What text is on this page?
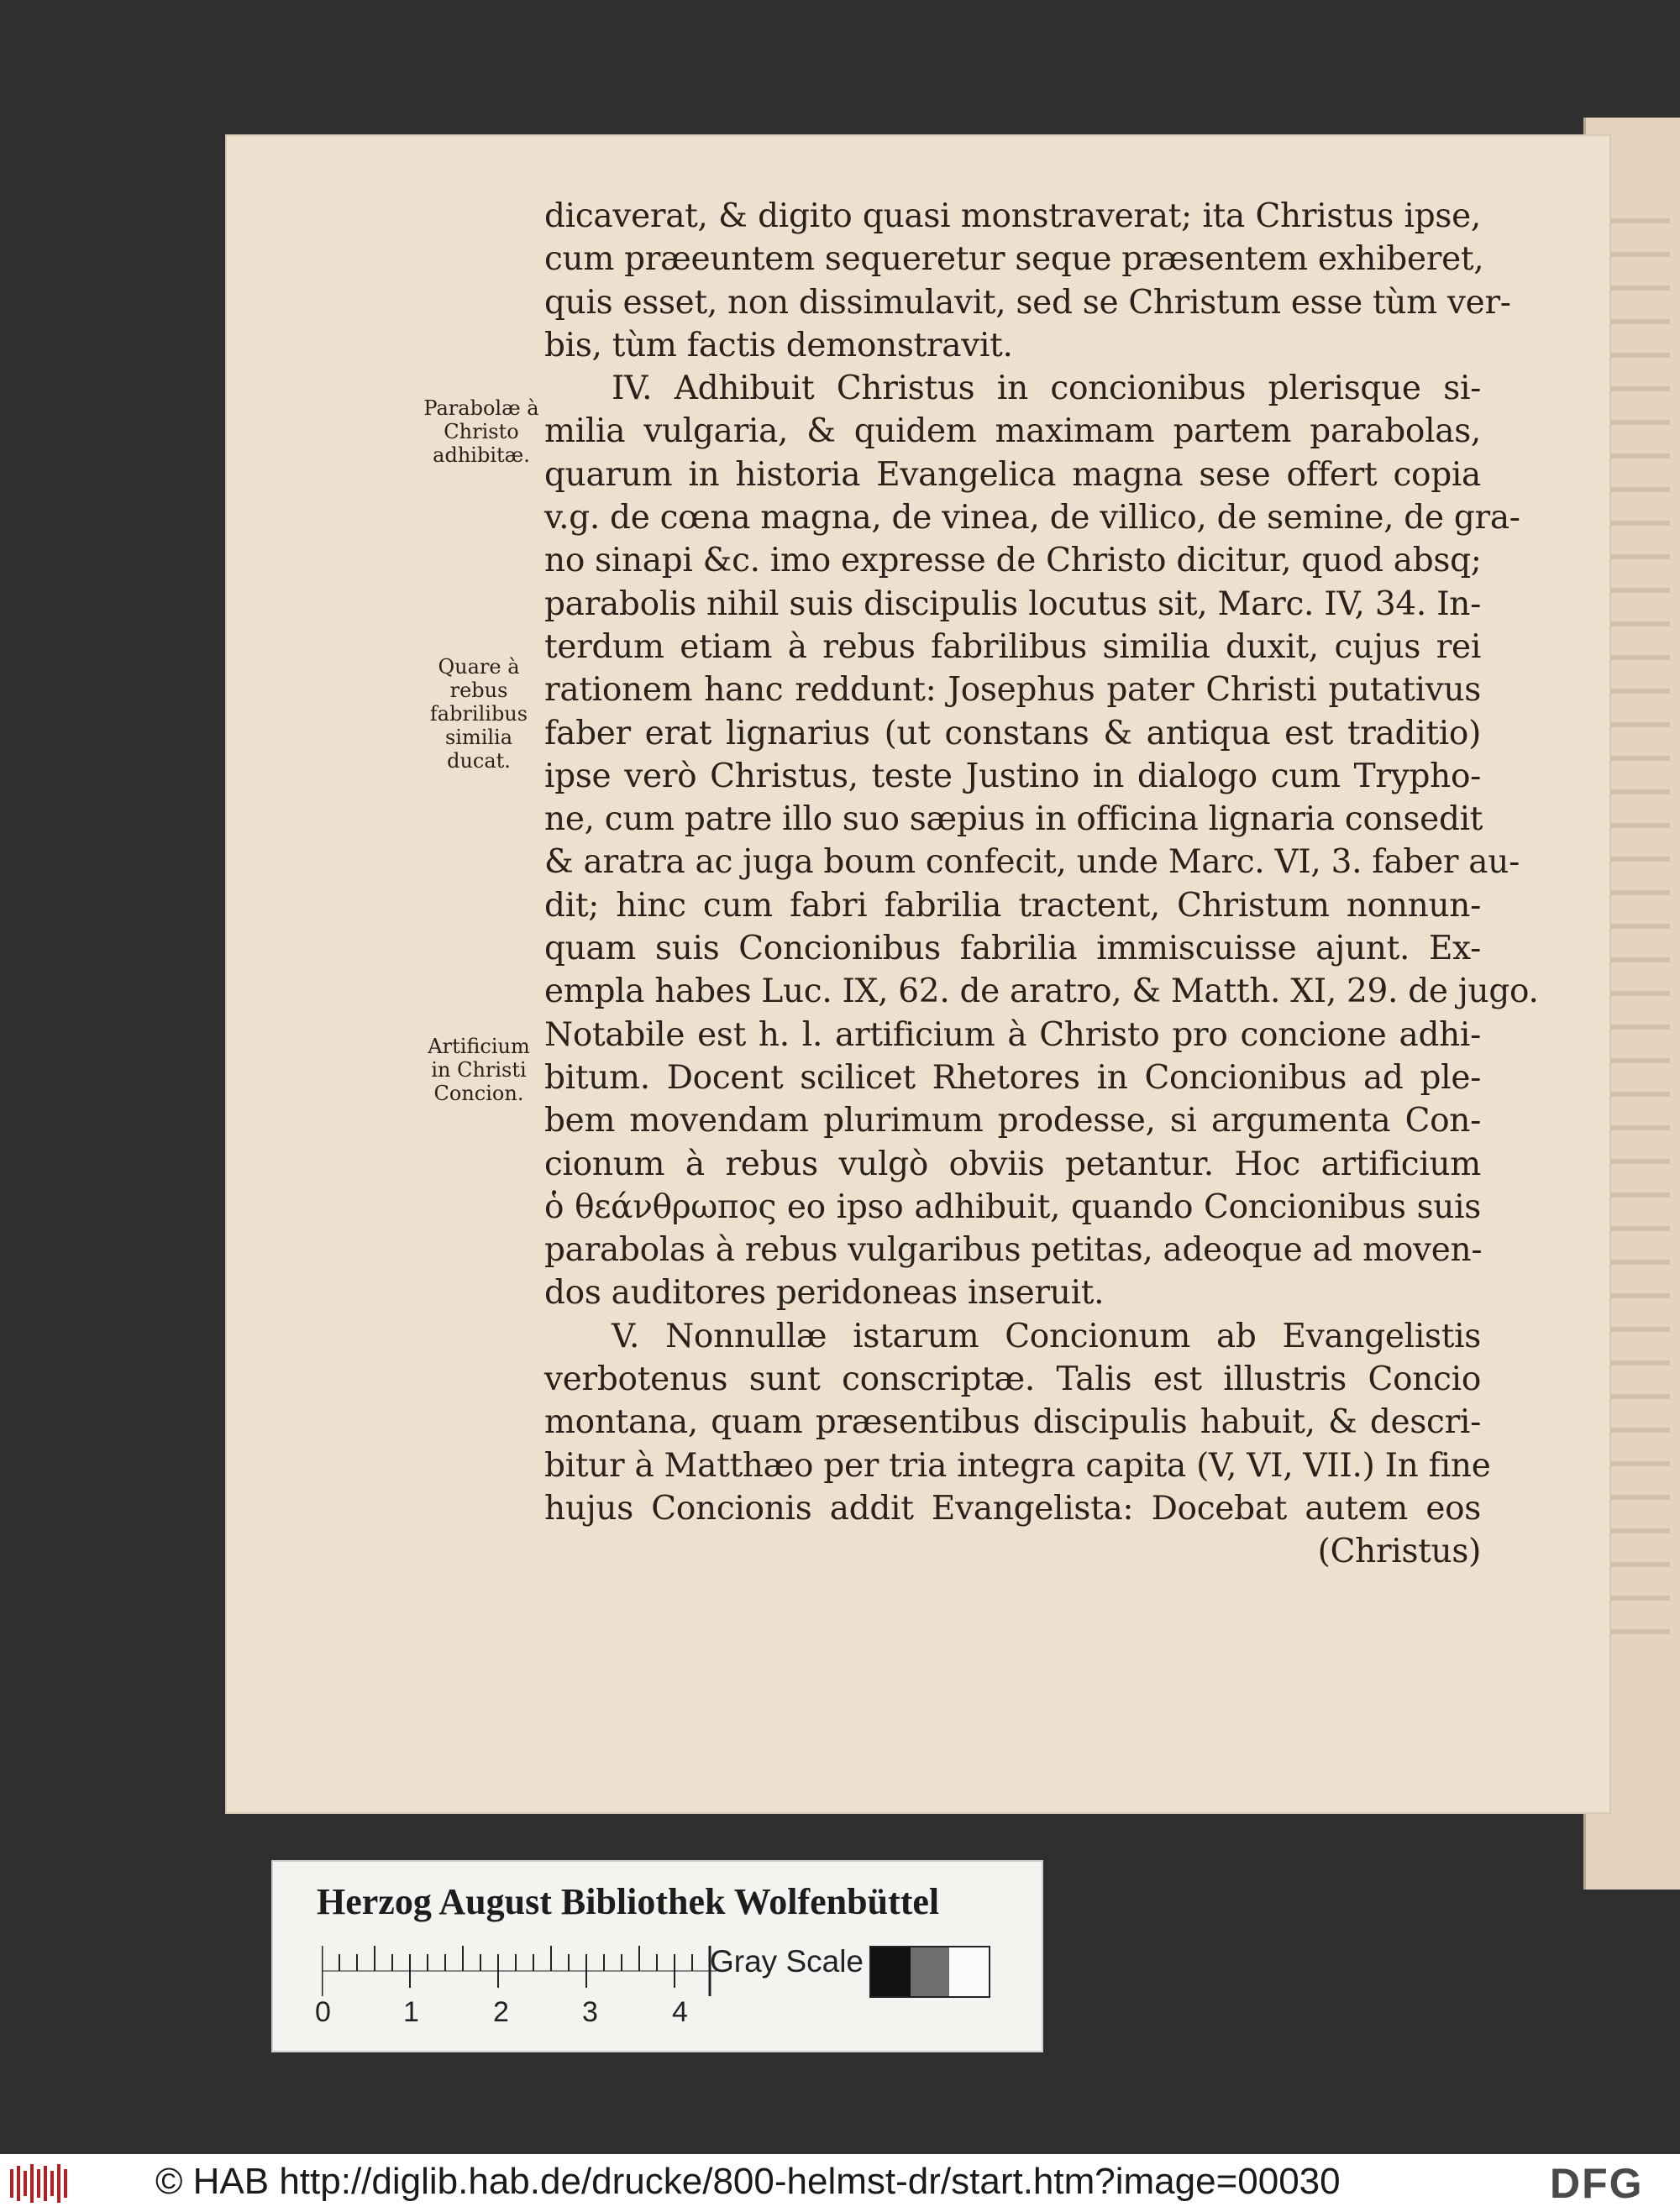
dicaverat, & digito quasi monstraverat; ita Christus ipse,
cum præeuntem sequeretur seque præsentem exhiberet,
quis esset, non dissimulavit, sed se Christum esse tùm ver-
bis, tùm factis demonstravit.
IV. Adhibuit Christus in concionibus plerisque si-
milia vulgaria, & quidem maximam partem parabolas,
quarum in historia Evangelica magna sese offert copia
v.g. de cœna magna, de vinea, de villico, de semine, de gra-
no sinapi &c. imo expresse de Christo dicitur, quod absq;
parabolis nihil suis discipulis locutus sit, Marc. IV, 34. In-
terdum etiam à rebus fabrilibus similia duxit, cujus rei
rationem hanc reddunt: Josephus pater Christi putativus
faber erat lignarius (ut constans & antiqua est traditio)
ipse verò Christus, teste Justino in dialogo cum Trypho-
ne, cum patre illo suo sæpius in officina lignaria consedit
& aratra ac juga boum confecit, unde Marc. VI, 3. faber au-
dit; hinc cum fabri fabrilia tractent, Christum nonnun-
quam suis Concionibus fabrilia immiscuisse ajunt. Ex-
empla habes Luc. IX, 62. de aratro, & Matth. XI, 29. de jugo.
Notabile est h. l. artificium à Christo pro concione adhi-
bitum. Docent scilicet Rhetores in Concionibus ad ple-
bem movendam plurimum prodesse, si argumenta Con-
cionum à rebus vulgò obviis petantur. Hoc artificium
ὁ θεάνθρωπος eo ipso adhibuit, quando Concionibus suis
parabolas à rebus vulgaribus petitas, adeoque ad moven-
dos auditores peridoneas inseruit.
V. Nonnullæ istarum Concionum ab Evangelistis
verbotenus sunt conscriptæ. Talis est illustris Concio
montana, quam præsentibus discipulis habuit, & descri-
bitur à Matthæo per tria integra capita (V, VI, VII.) In fine
hujus Concionis addit Evangelista: Docebat autem eos
(Christus)
Parabolæ à Christo adhibitæ.
Quare à rebus fabrilibus similia ducat.
Artificium in Christi Concion.
Herzog August Bibliothek Wolfenbüttel
0	1	2	3	4
Gray Scale
© HAB http://diglib.hab.de/drucke/800-helmst-dr/start.htm?image=00030	DFG
